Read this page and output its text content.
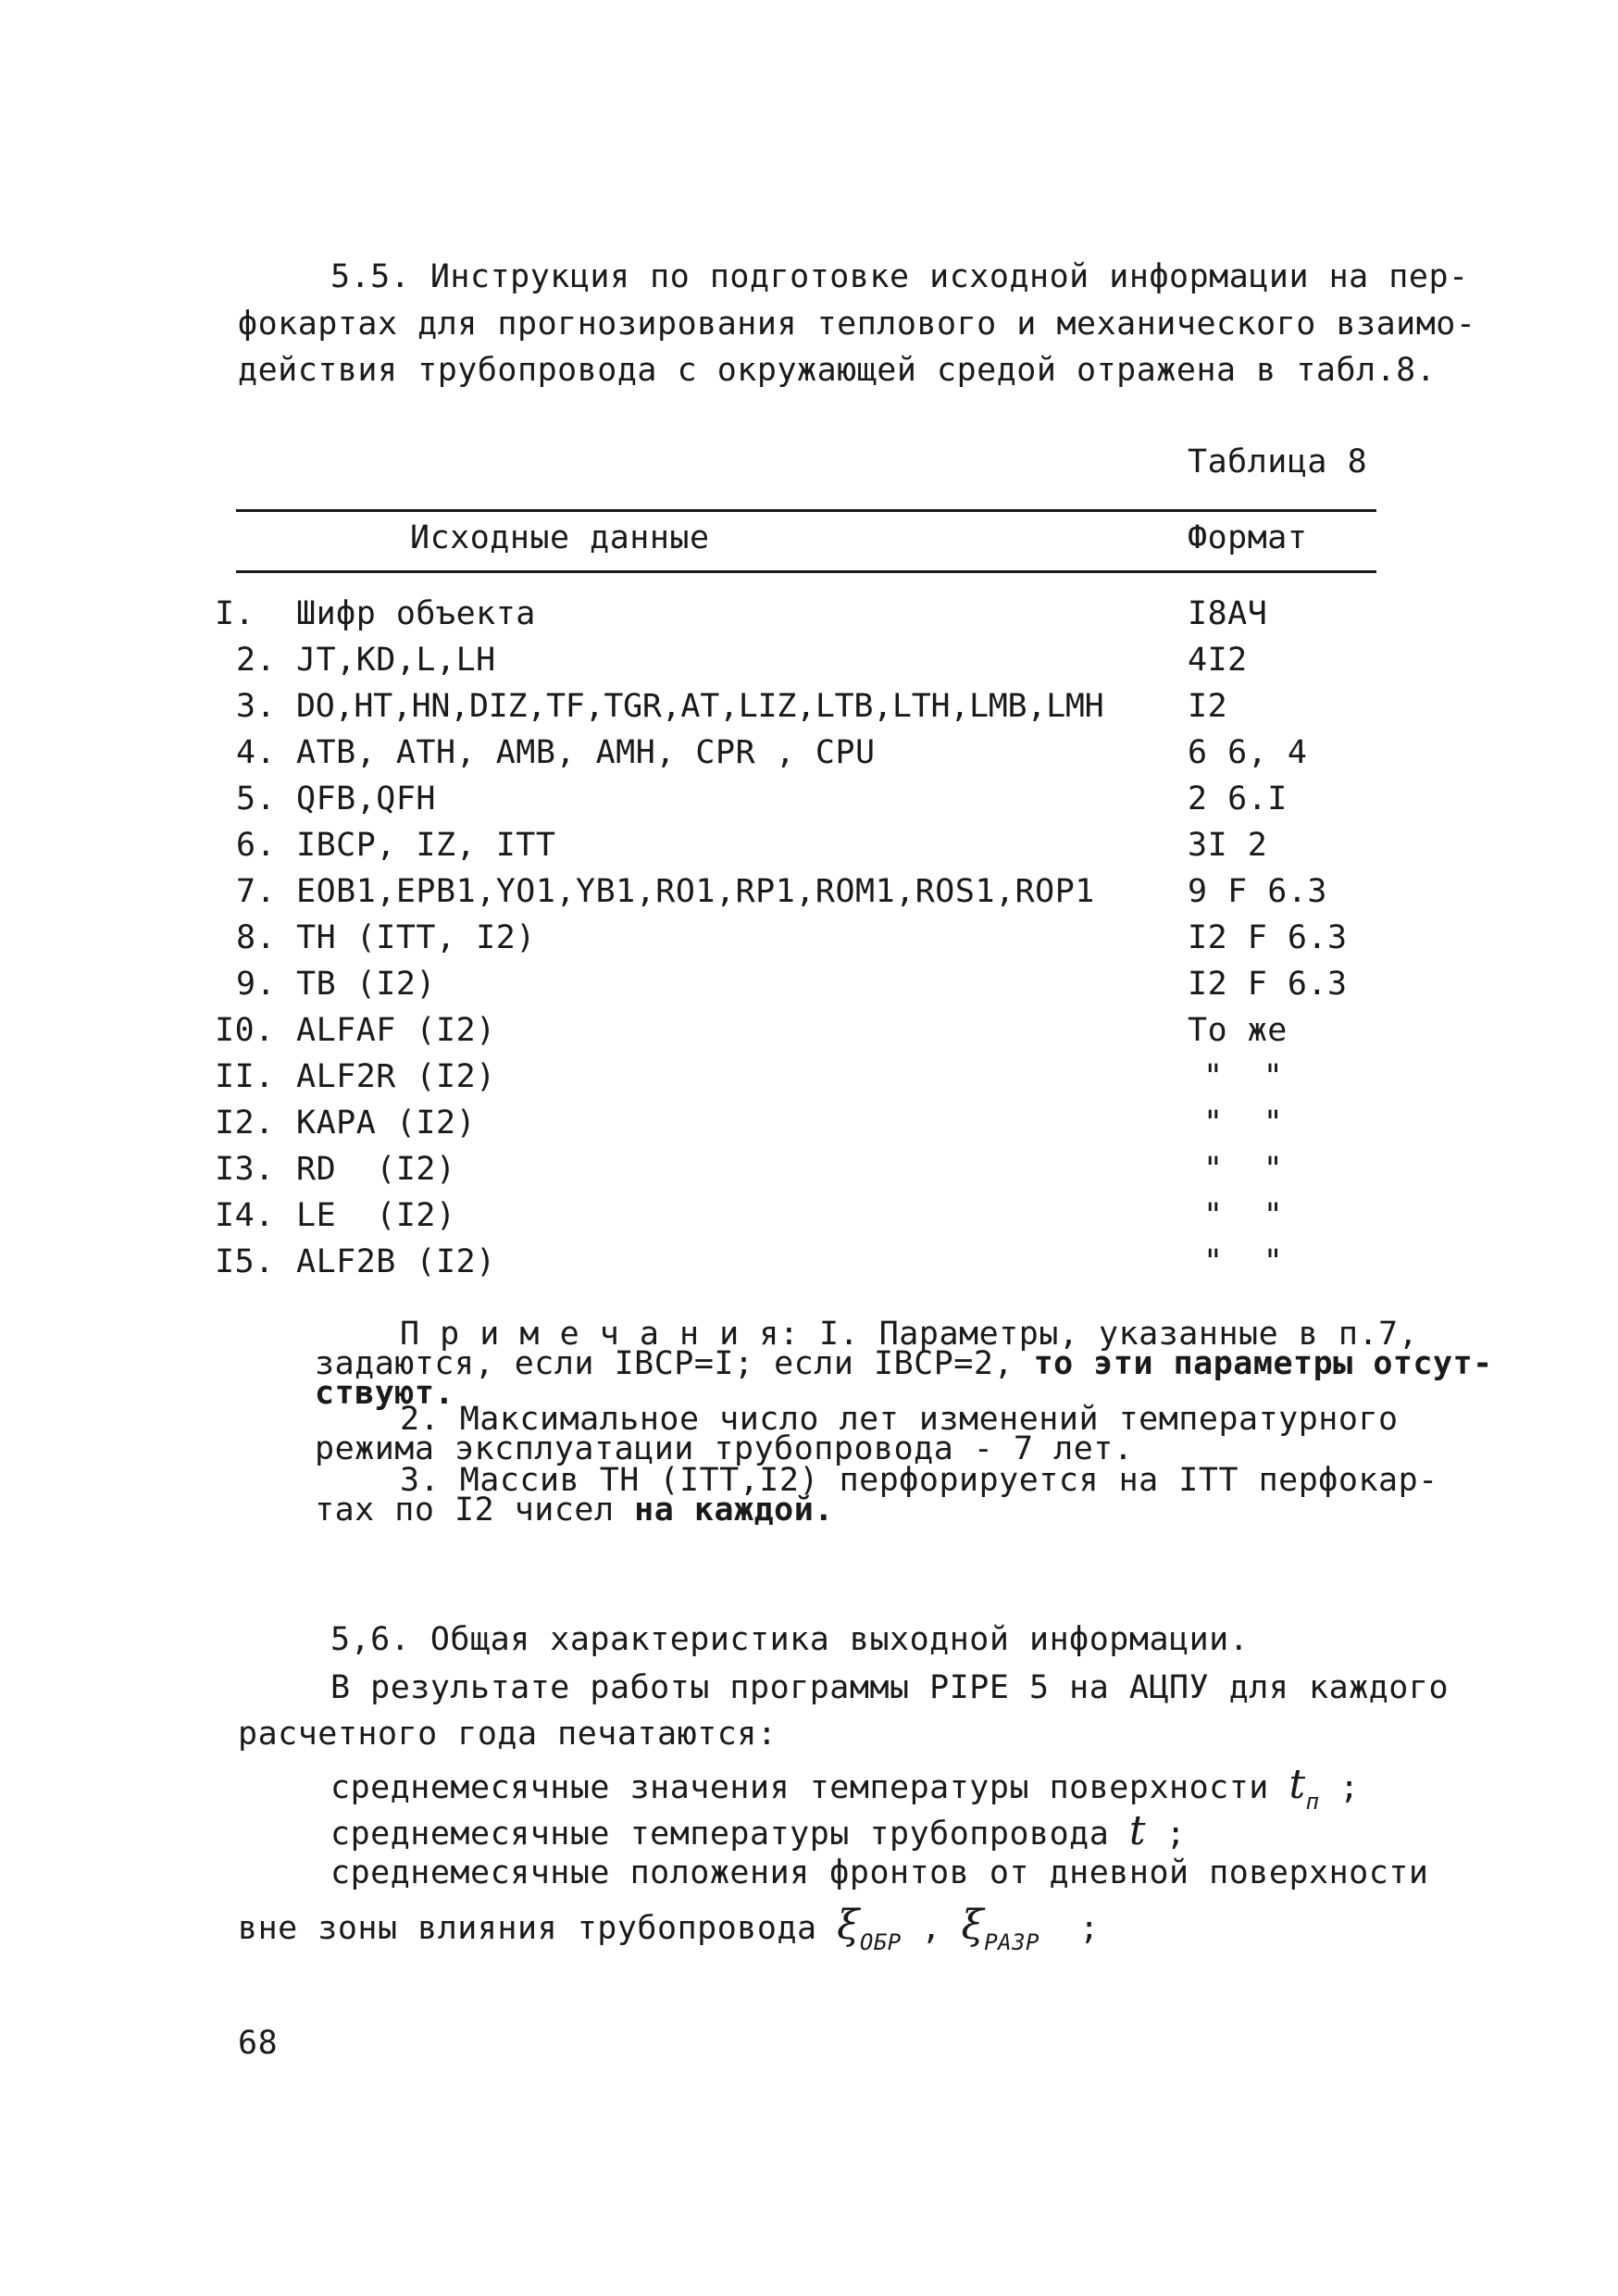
5.5. Инструкция по подготовке исходной информации на пер-
фокартах для прогнозирования теплового и механического взаимо-
действия трубопровода с окружающей средой отражена в табл.8.
Таблица 8
Исходные данные	Формат
I. Шифр объекта	I8AЧ
2. JT,KD,L,LH	4I2
3. DO,HT,HN,DIZ,TF,TGR,AT,LIZ,LTB,LTH,LMB,LMH	I2
4. ATB, ATH, AMB, AMH, CPR , CPU	6 6, 4
5. QFB,QFH	2 6.I
6. IBCP, IZ, ITT	3I 2
7. EOB1,EPB1,YO1,YB1,RO1,RP1,ROM1,ROS1,ROP1	9 F 6.3
8. TH (ITT, I2)	I2 F 6.3
9. TB (I2)	I2 F 6.3
I0. ALFAF (I2)	То же
II. ALF2R (I2)	"  "
I2. KAPA (I2)	"  "
I3. RD  (I2)	"  "
I4. LE  (I2)	"  "
I5. ALF2B (I2)	"  "
П р и м е ч а н и я: I. Параметры, указанные в п.7,
задаются, если IBCP=I; если IBCP=2, то эти параметры отсут-
ствуют.
2. Максимальное число лет изменений температурного
режима эксплуатации трубопровода - 7 лет.
3. Массив TH (ITT,I2) перфорируется на ITT перфокар-
тах по I2 чисел на каждой.
5,6. Общая характеристика выходной информации.
В результате работы программы PIPE 5 на АЦПУ для каждого
расчетного года печатаются:
среднемесячные значения температуры поверхности $t_п$ ;
среднемесячные температуры трубопровода t ;
среднемесячные положения фронтов от дневной поверхности
вне зоны влияния трубопровода $\xi_{ОБР}$ , $\xi_{РАЗР}$  ;
68
